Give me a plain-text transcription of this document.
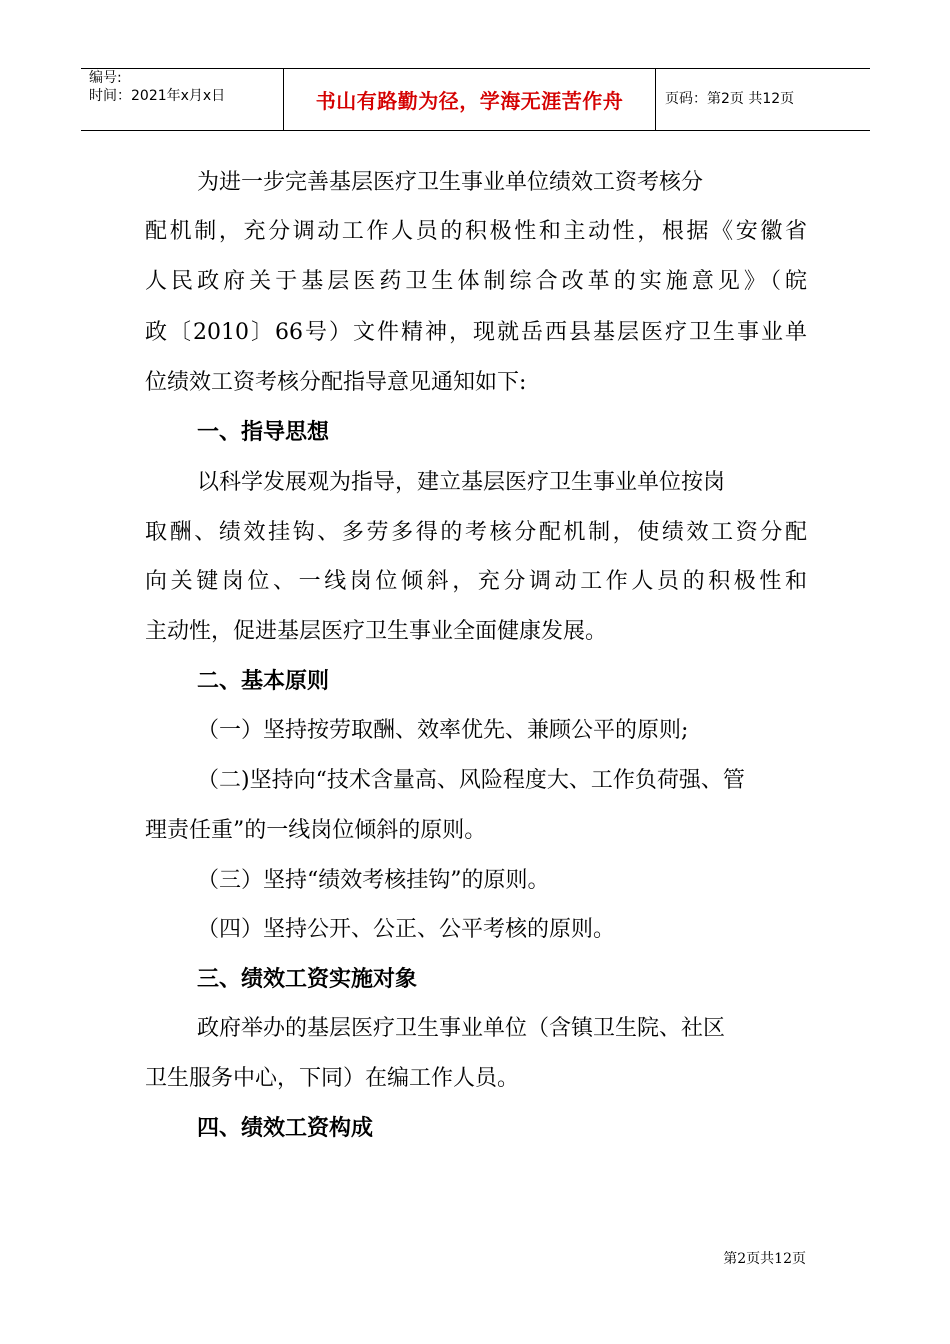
编号:
时间：2021年x月x日	书山有路勤为径，学海无涯苦作舟	页码：第2页 共12页
为进一步完善基层医疗卫生事业单位绩效工资考核分
配机制，充分调动工作人员的积极性和主动性，根据《安徽省
人民政府关于基层医药卫生体制综合改革的实施意见》（皖
政〔2010〕66号）文件精神，现就岳西县基层医疗卫生事业单
位绩效工资考核分配指导意见通知如下:
一、指导思想
以科学发展观为指导，建立基层医疗卫生事业单位按岗
取酬、绩效挂钩、多劳多得的考核分配机制，使绩效工资分配
向关键岗位、一线岗位倾斜，充分调动工作人员的积极性和
主动性，促进基层医疗卫生事业全面健康发展。
二、基本原则
（一）坚持按劳取酬、效率优先、兼顾公平的原则;
（二)坚持向“技术含量高、风险程度大、工作负荷强、管
理责任重”的一线岗位倾斜的原则。
（三）坚持“绩效考核挂钩”的原则。
（四）坚持公开、公正、公平考核的原则。
三、绩效工资实施对象
政府举办的基层医疗卫生事业单位（含镇卫生院、社区
卫生服务中心，下同）在编工作人员。
四、绩效工资构成
第2页共12页
